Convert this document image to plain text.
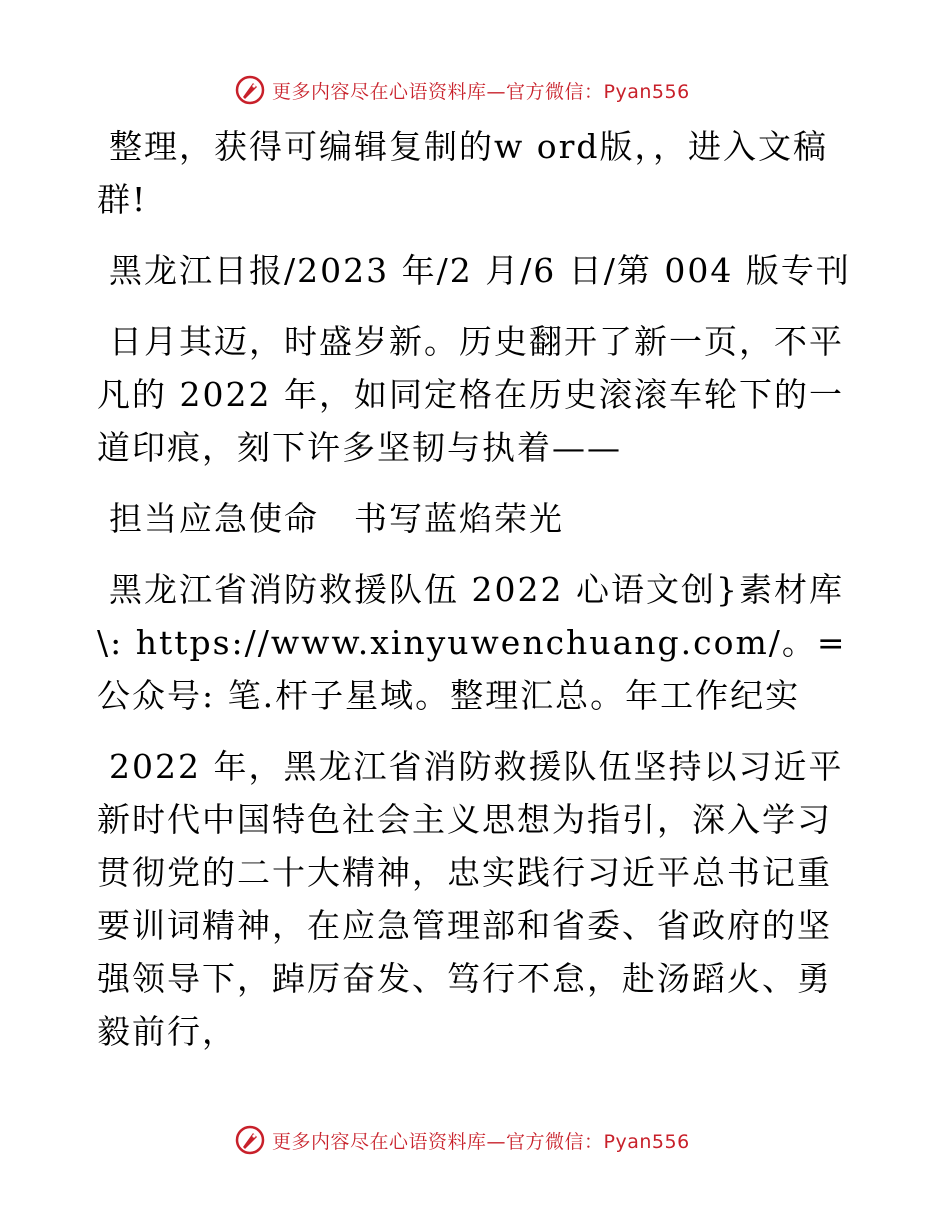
更多内容尽在心语资料库—官方微信：Pyan556

整理，获得可编辑复制的w ord版，，进入文稿群!

黑龙江日报/2023 年/2 月/6 日/第 004 版专刊

日月其迈，时盛岁新。历史翻开了新一页，不平凡的 2022 年，如同定格在历史滚滚车轮下的一道印痕，刻下许多坚韧与执着——

担当应急使命　书写蓝焰荣光

黑龙江省消防救援队伍 2022 心语文创}素材库\: https://www.xinyuwenchuang.com/。=公众号: 笔.杆子星域。整理汇总。年工作纪实

2022 年，黑龙江省消防救援队伍坚持以习近平新时代中国特色社会主义思想为指引，深入学习贯彻党的二十大精神，忠实践行习近平总书记重要训词精神，在应急管理部和省委、省政府的坚强领导下，踔厉奋发、笃行不怠，赴汤蹈火、勇毅前行，

更多内容尽在心语资料库—官方微信：Pyan556
